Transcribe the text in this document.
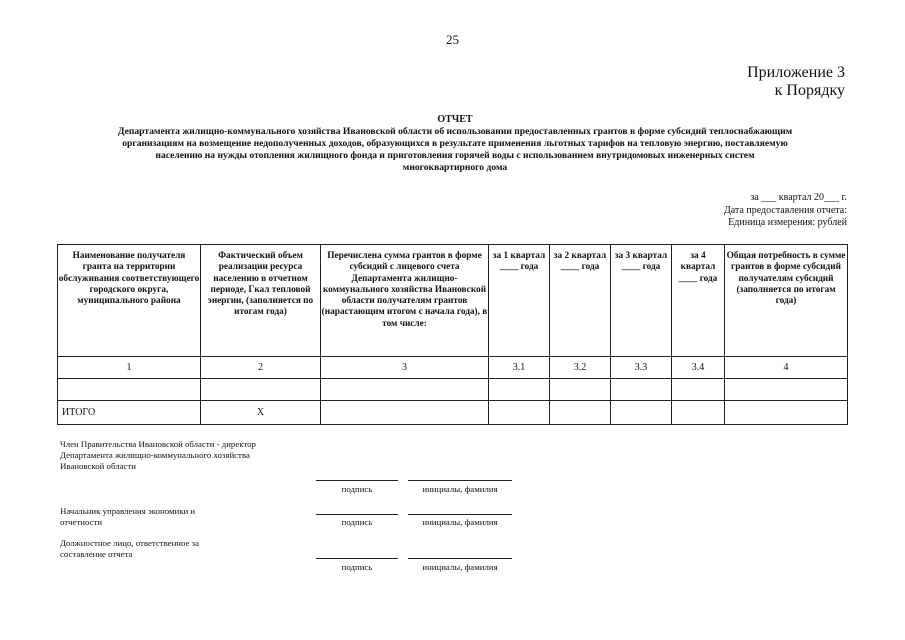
25
Приложение 3
к Порядку
ОТЧЕТ
Департамента жилищно-коммунального хозяйства Ивановской области об использовании предоставленных грантов в форме субсидий теплоснабжающим
организациям на возмещение недополученных доходов, образующихся в результате применения льготных тарифов на тепловую энергию, поставляемую
населению на нужды отопления жилищного фонда и приготовления горячей воды с использованием внутридомовых инженерных систем
многоквартирного дома
за ___ квартал 20___ г.
Дата предоставления отчета:
Единица измерения: рублей
Наименование получателя гранта на территории обслуживания соответствующего городского округа, муниципального района	Фактический объем реализации ресурса населению в отчетном периоде, Гкал тепловой энергии, (заполняется по итогам года)	Перечислена сумма грантов в форме субсидий с лицевого счета Департамента жилищно-коммунального хозяйства Ивановской области получателям грантов (нарастающим итогом с начала года), в том числе:	за 1 квартал ____ года	за 2 квартал ____ года	за 3 квартал ____ года	за 4 квартал ____ года	Общая потребность в сумме грантов в форме субсидий получателям субсидий (заполняется по итогам года)
1	2	3	3.1	3.2	3.3	3.4	4

ИТОГО	X						
Член Правительства Ивановской области - директор Департамента жилищно-коммунального хозяйства Ивановской области
подпись	инициалы, фамилия
Начальник управления экономики и отчетности	подпись	инициалы, фамилия
Должностное лицо, ответственное за составление отчета
подпись	инициалы, фамилия
